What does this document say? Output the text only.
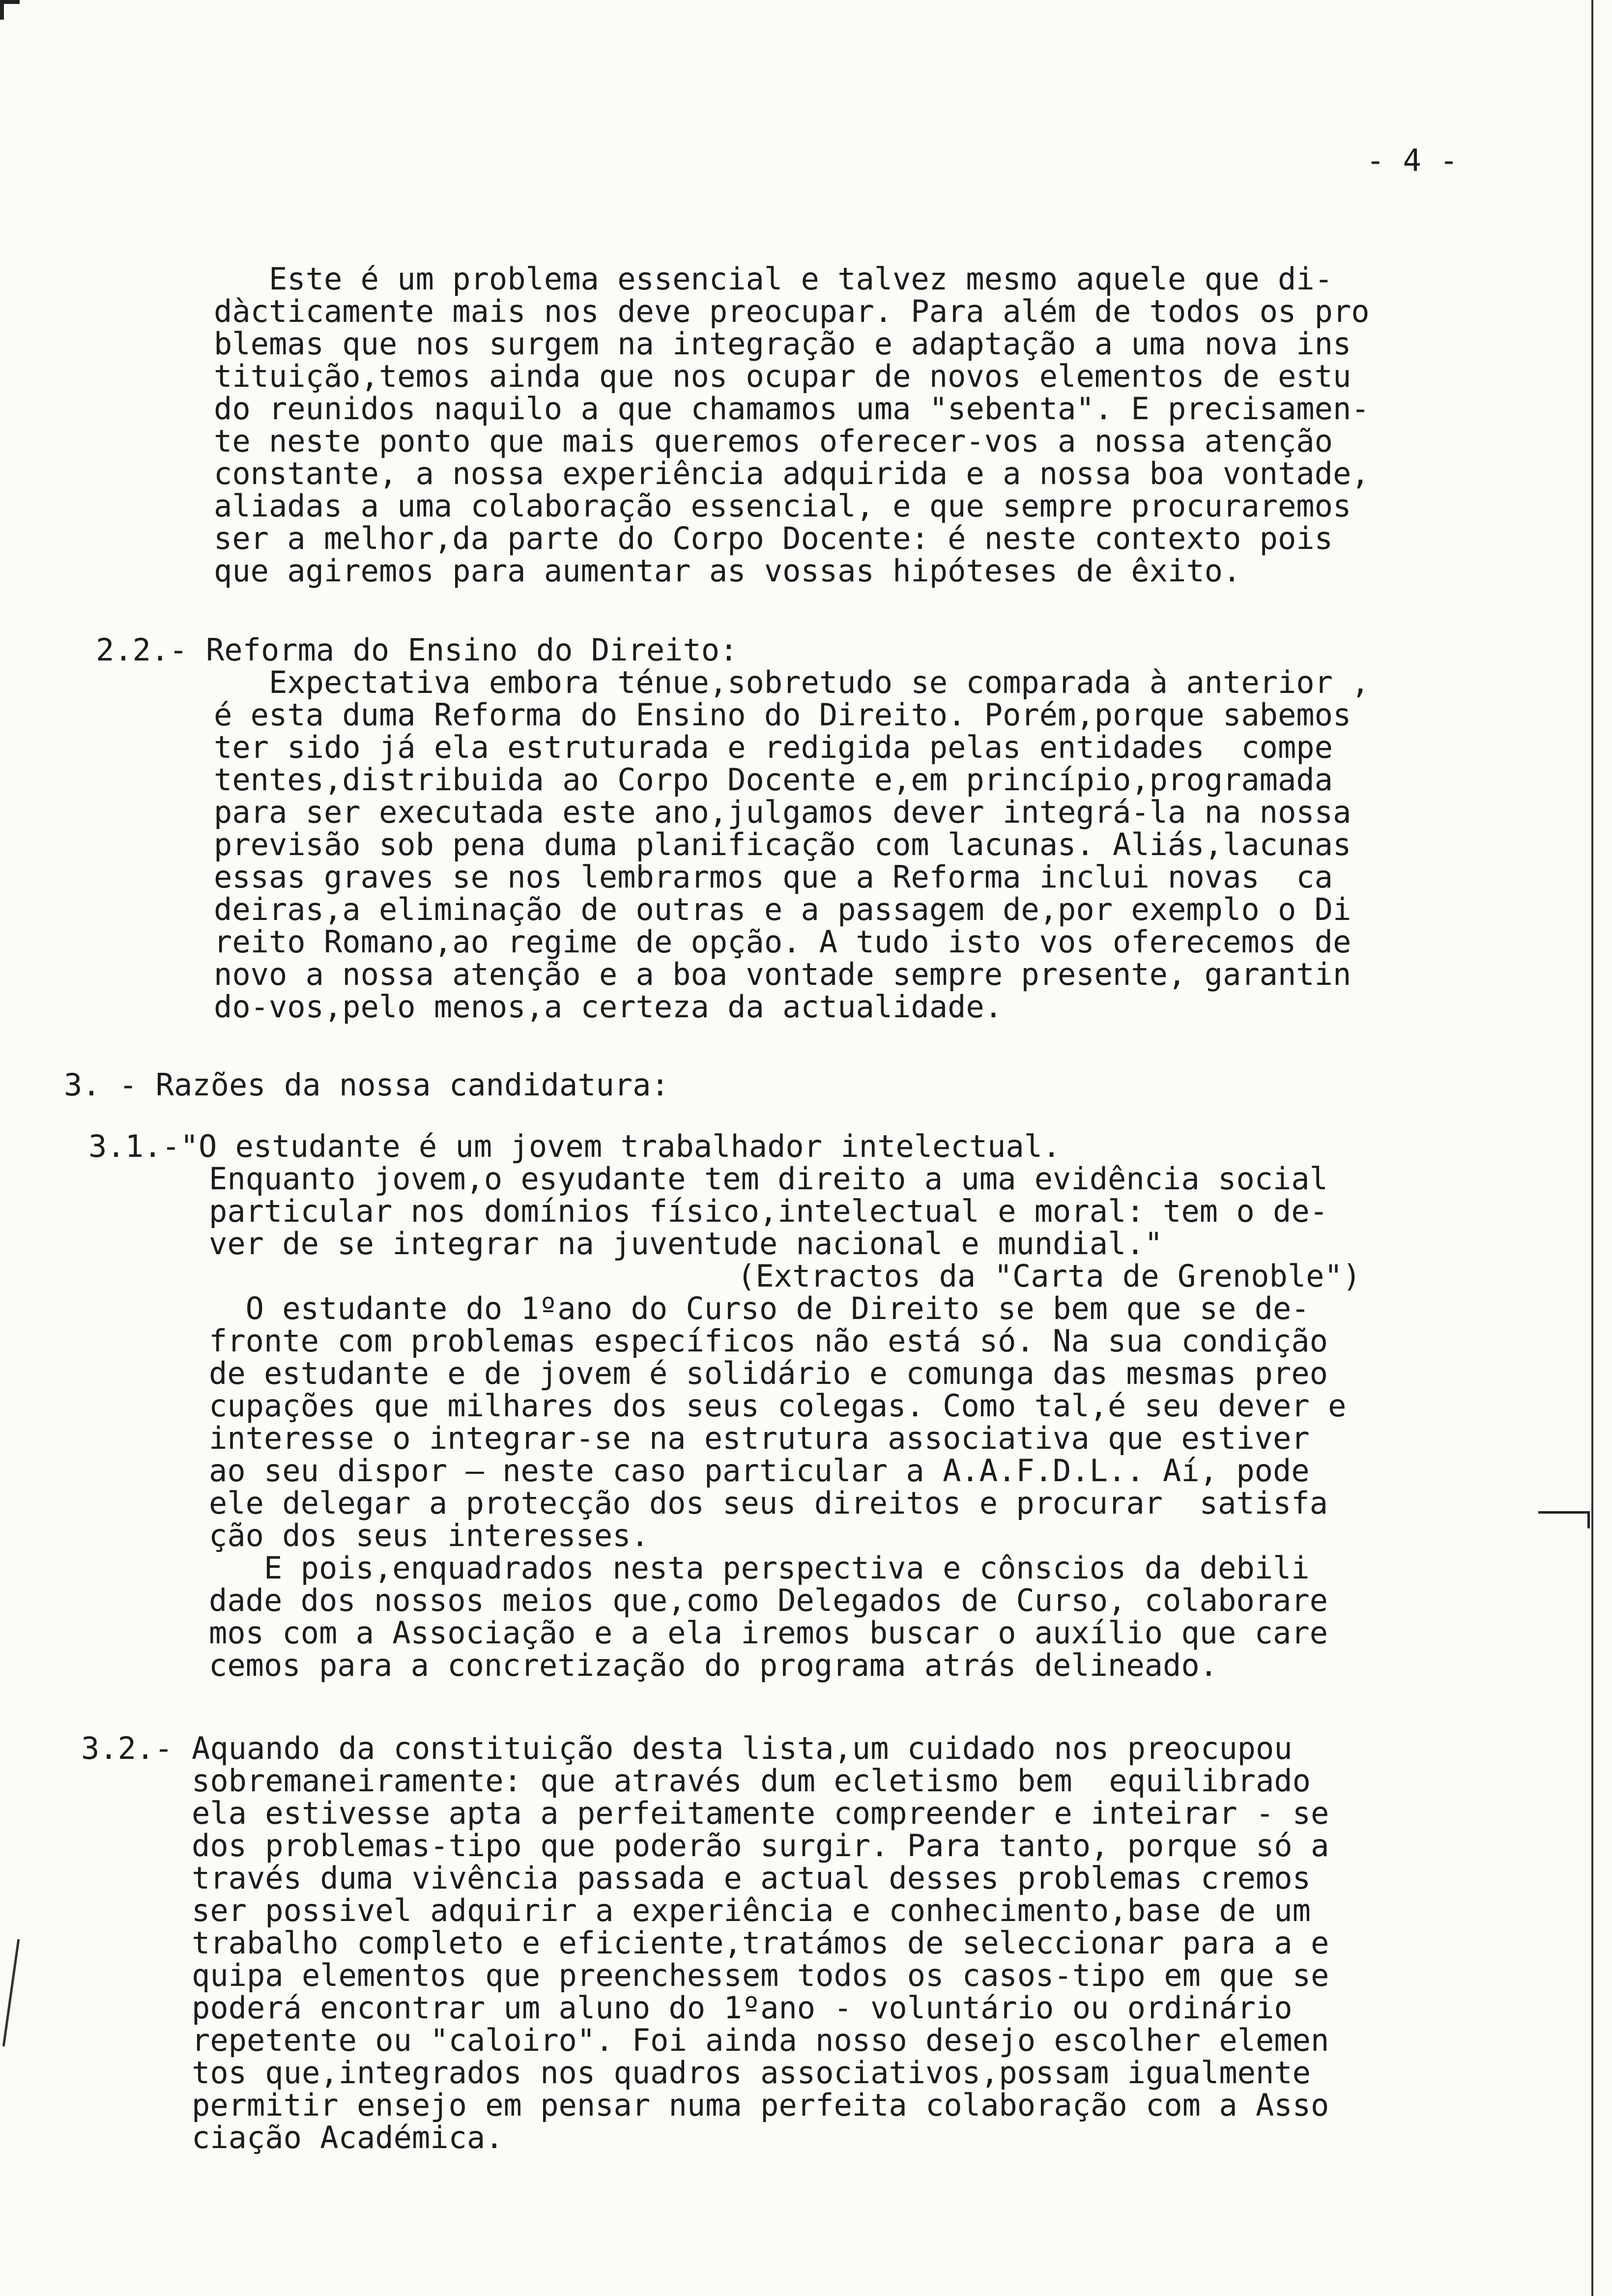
- 4 -

Este é um problema essencial e talvez mesmo aquele que di-

dàcticamente mais nos deve preocupar. Para além de todos os pro

blemas que nos surgem na integração e adaptação a uma nova ins

tituição,temos ainda que nos ocupar de novos elementos de estu

do reunidos naquilo a que chamamos uma "sebenta". E precisamen-

te neste ponto que mais queremos oferecer-vos a nossa atenção

constante, a nossa experiência adquirida e a nossa boa vontade,

aliadas a uma colaboração essencial, e que sempre procuraremos

ser a melhor,da parte do Corpo Docente: é neste contexto pois

que agiremos para aumentar as vossas hipóteses de êxito.

2.2.- Reforma do Ensino do Direito:

Expectativa embora ténue,sobretudo se comparada à anterior ,

é esta duma Reforma do Ensino do Direito. Porém,porque sabemos

ter sido já ela estruturada e redigida pelas entidades  compe

tentes,distribuida ao Corpo Docente e,em princípio,programada

para ser executada este ano,julgamos dever integrá-la na nossa

previsão sob pena duma planificação com lacunas. Aliás,lacunas

essas graves se nos lembrarmos que a Reforma inclui novas  ca

deiras,a eliminação de outras e a passagem de,por exemplo o Di

reito Romano,ao regime de opção. A tudo isto vos oferecemos de

novo a nossa atenção e a boa vontade sempre presente, garantin

do-vos,pelo menos,a certeza da actualidade.

3. - Razões da nossa candidatura:

3.1.-"O estudante é um jovem trabalhador intelectual.

Enquanto jovem,o esyudante tem direito a uma evidência social

particular nos domínios físico,intelectual e moral: tem o de-

ver de se integrar na juventude nacional e mundial."

(Extractos da "Carta de Grenoble")

O estudante do 1ºano do Curso de Direito se bem que se de-

fronte com problemas específicos não está só. Na sua condição

de estudante e de jovem é solidário e comunga das mesmas preo

cupações que milhares dos seus colegas. Como tal,é seu dever e

interesse o integrar-se na estrutura associativa que estiver

ao seu dispor — neste caso particular a A.A.F.D.L.. Aí, pode

ele delegar a protecção dos seus direitos e procurar  satisfa

ção dos seus interesses.

E pois,enquadrados nesta perspectiva e cônscios da debili

dade dos nossos meios que,como Delegados de Curso, colaborare

mos com a Associação e a ela iremos buscar o auxílio que care

cemos para a concretização do programa atrás delineado.

3.2.- Aquando da constituição desta lista,um cuidado nos preocupou

sobremaneiramente: que através dum ecletismo bem  equilibrado

ela estivesse apta a perfeitamente compreender e inteirar - se

dos problemas-tipo que poderão surgir. Para tanto, porque só a

través duma vivência passada e actual desses problemas cremos

ser possivel adquirir a experiência e conhecimento,base de um

trabalho completo e eficiente,tratámos de seleccionar para a e

quipa elementos que preenchessem todos os casos-tipo em que se

poderá encontrar um aluno do 1ºano - voluntário ou ordinário

repetente ou "caloiro". Foi ainda nosso desejo escolher elemen

tos que,integrados nos quadros associativos,possam igualmente

permitir ensejo em pensar numa perfeita colaboração com a Asso

ciação Académica.
